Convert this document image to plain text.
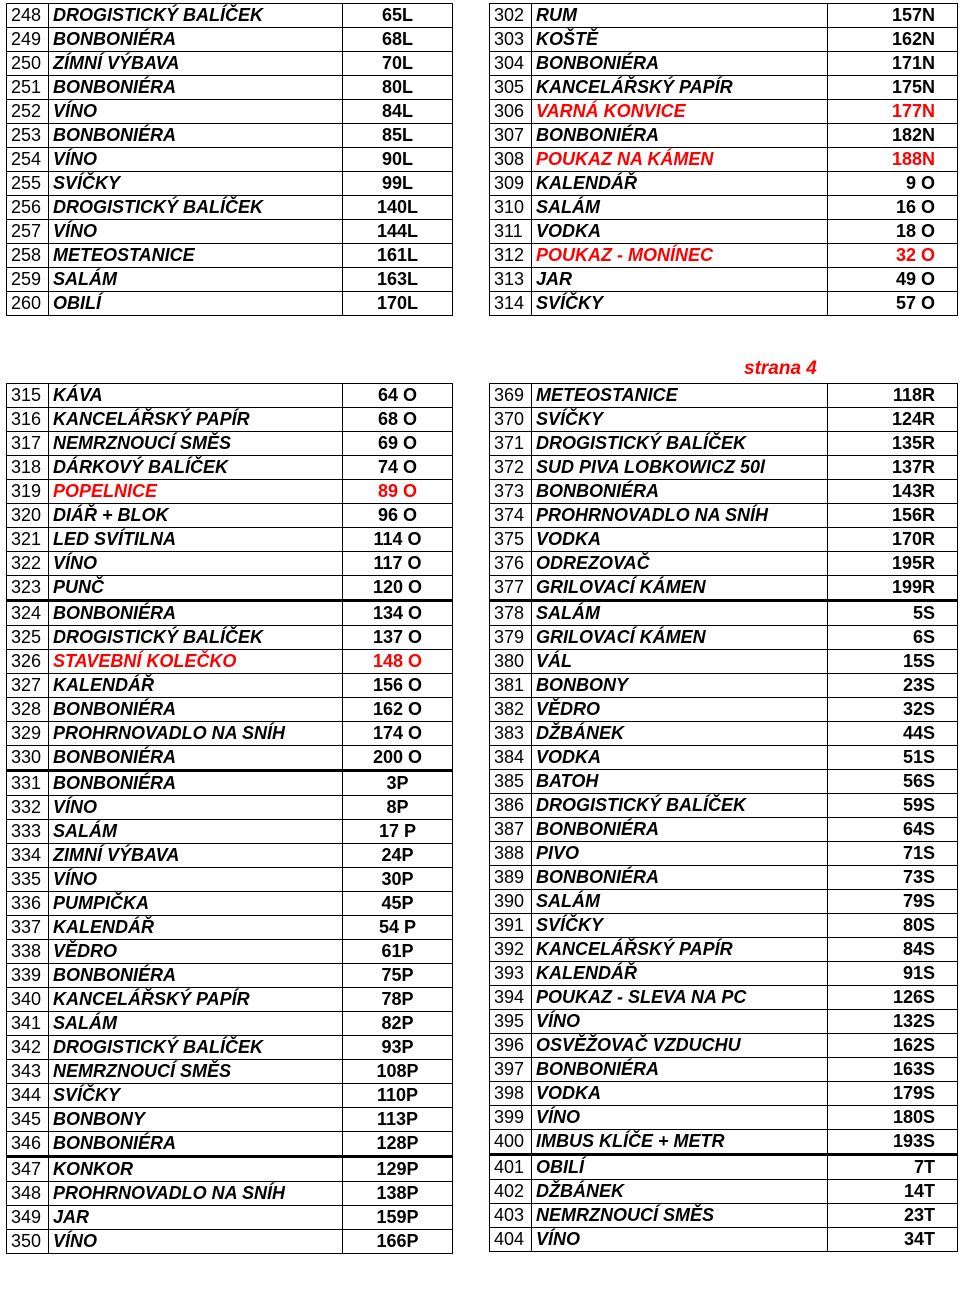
248	DROGISTICKÝ BALÍČEK	65L
249	BONBONIÉRA	68L
250	ZÍMNÍ VÝBAVA	70L
251	BONBONIÉRA	80L
252	VÍNO	84L
253	BONBONIÉRA	85L
254	VÍNO	90L
255	SVÍČKY	99L
256	DROGISTICKÝ BALÍČEK	140L
257	VÍNO	144L
258	METEOSTANICE	161L
259	SALÁM	163L
260	OBILÍ	170L
302	RUM	157N
303	KOŠTĚ	162N
304	BONBONIÉRA	171N
305	KANCELÁŘSKÝ PAPÍR	175N
306	VARNÁ KONVICE	177N
307	BONBONIÉRA	182N
308	POUKAZ NA KÁMEN	188N
309	KALENDÁŘ	9 O
310	SALÁM	16 O
311	VODKA	18 O
312	POUKAZ - MONÍNEC	32 O
313	JAR	49 O
314	SVÍČKY	57 O
strana 4
315	KÁVA	64 O
316	KANCELÁŘSKÝ PAPÍR	68 O
317	NEMRZNOUCÍ SMĚS	69 O
318	DÁRKOVÝ BALÍČEK	74 O
319	POPELNICE	89 O
320	DIÁŘ + BLOK	96 O
321	LED SVÍTILNA	114 O
322	VÍNO	117 O
323	PUNČ	120 O
324	BONBONIÉRA	134 O
325	DROGISTICKÝ BALÍČEK	137 O
326	STAVEBNÍ KOLEČKO	148 O
327	KALENDÁŘ	156 O
328	BONBONIÉRA	162 O
329	PROHRNOVADLO NA SNÍH	174 O
330	BONBONIÉRA	200 O
331	BONBONIÉRA	3P
332	VÍNO	8P
333	SALÁM	17 P
334	ZIMNÍ VÝBAVA	24P
335	VÍNO	30P
336	PUMPIČKA	45P
337	KALENDÁŘ	54 P
338	VĚDRO	61P
339	BONBONIÉRA	75P
340	KANCELÁŘSKÝ PAPÍR	78P
341	SALÁM	82P
342	DROGISTICKÝ BALÍČEK	93P
343	NEMRZNOUCÍ SMĚS	108P
344	SVÍČKY	110P
345	BONBONY	113P
346	BONBONIÉRA	128P
347	KONKOR	129P
348	PROHRNOVADLO NA SNÍH	138P
349	JAR	159P
350	VÍNO	166P
369	METEOSTANICE	118R
370	SVÍČKY	124R
371	DROGISTICKÝ BALÍČEK	135R
372	SUD PIVA LOBKOWICZ 50l	137R
373	BONBONIÉRA	143R
374	PROHRNOVADLO NA SNÍH	156R
375	VODKA	170R
376	ODREZOVAČ	195R
377	GRILOVACÍ KÁMEN	199R
378	SALÁM	5S
379	GRILOVACÍ KÁMEN	6S
380	VÁL	15S
381	BONBONY	23S
382	VĚDRO	32S
383	DŽBÁNEK	44S
384	VODKA	51S
385	BATOH	56S
386	DROGISTICKÝ BALÍČEK	59S
387	BONBONIÉRA	64S
388	PIVO	71S
389	BONBONIÉRA	73S
390	SALÁM	79S
391	SVÍČKY	80S
392	KANCELÁŘSKÝ PAPÍR	84S
393	KALENDÁŘ	91S
394	POUKAZ - SLEVA NA PC	126S
395	VÍNO	132S
396	OSVĚŽOVAČ VZDUCHU	162S
397	BONBONIÉRA	163S
398	VODKA	179S
399	VÍNO	180S
400	IMBUS KLÍČE + METR	193S
401	OBILÍ	7T
402	DŽBÁNEK	14T
403	NEMRZNOUCÍ SMĚS	23T
404	VÍNO	34T
